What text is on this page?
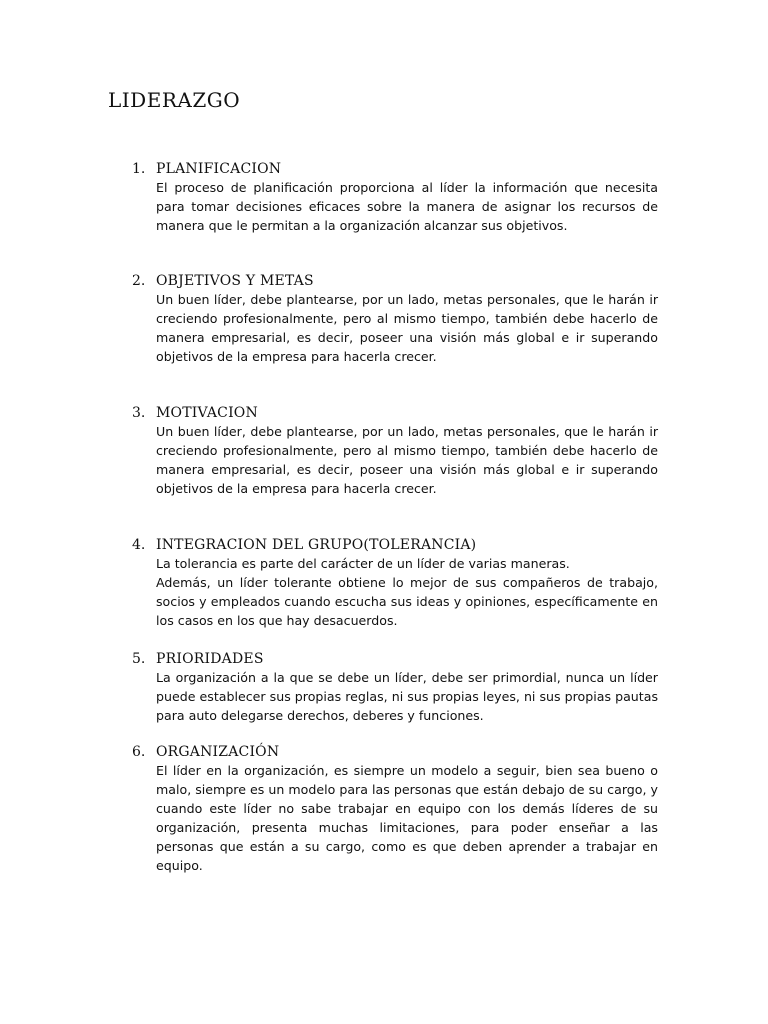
LIDERAZGO
1. PLANIFICACION

El proceso de planificación proporciona al líder la información que necesita para tomar decisiones eficaces sobre la manera de asignar los recursos de manera que le permitan a la organización alcanzar sus objetivos.

2. OBJETIVOS Y METAS

Un buen líder, debe plantearse, por un lado, metas personales, que le harán ir creciendo profesionalmente, pero al mismo tiempo, también debe hacerlo de manera empresarial, es decir, poseer una visión más global e ir superando objetivos de la empresa para hacerla crecer.

3. MOTIVACION

Un buen líder, debe plantearse, por un lado, metas personales, que le harán ir creciendo profesionalmente, pero al mismo tiempo, también debe hacerlo de manera empresarial, es decir, poseer una visión más global e ir superando objetivos de la empresa para hacerla crecer.

4. INTEGRACION DEL GRUPO(TOLERANCIA)

La tolerancia es parte del carácter de un líder de varias maneras.

Además, un líder tolerante obtiene lo mejor de sus compañeros de trabajo, socios y empleados cuando escucha sus ideas y opiniones, específicamente en los casos en los que hay desacuerdos.

5. PRIORIDADES

La organización a la que se debe un líder, debe ser primordial, nunca un líder puede establecer sus propias reglas, ni sus propias leyes, ni sus propias pautas para auto delegarse derechos, deberes y funciones.

6. ORGANIZACIÓN

El líder en la organización, es siempre un modelo a seguir, bien sea bueno o malo, siempre es un modelo para las personas que están debajo de su cargo, y cuando este líder no sabe trabajar en equipo con los demás líderes de su organización, presenta muchas limitaciones, para poder enseñar a las personas que están a su cargo, como es que deben aprender a trabajar en equipo.
